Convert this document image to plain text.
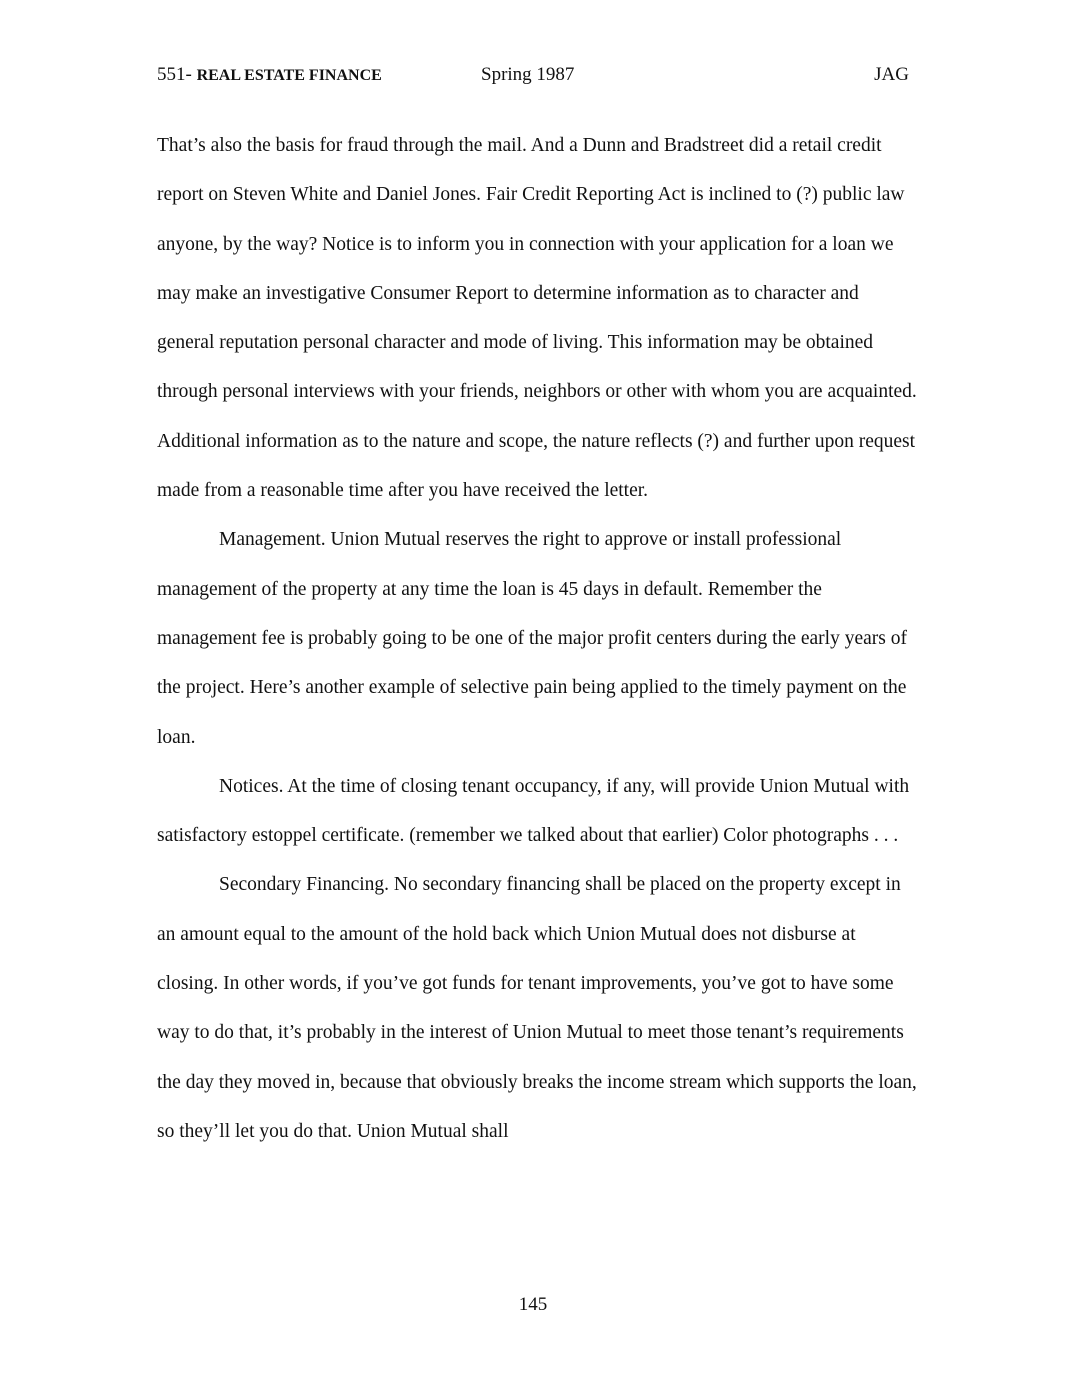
551- REAL ESTATE FINANCE	Spring 1987	JAG

That’s also the basis for fraud through the mail. And a Dunn and Bradstreet did a retail credit report on Steven White and Daniel Jones. Fair Credit Reporting Act is inclined to (?) public law anyone, by the way? Notice is to inform you in connection with your application for a loan we may make an investigative Consumer Report to determine information as to character and general reputation personal character and mode of living. This information may be obtained through personal interviews with your friends, neighbors or other with whom you are acquainted. Additional information as to the nature and scope, the nature reflects (?) and further upon request made from a reasonable time after you have received the letter.

Management. Union Mutual reserves the right to approve or install professional management of the property at any time the loan is 45 days in default. Remember the management fee is probably going to be one of the major profit centers during the early years of the project. Here’s another example of selective pain being applied to the timely payment on the loan.

Notices. At the time of closing tenant occupancy, if any, will provide Union Mutual with satisfactory estoppel certificate. (remember we talked about that earlier) Color photographs . . .

Secondary Financing. No secondary financing shall be placed on the property except in an amount equal to the amount of the hold back which Union Mutual does not disburse at closing. In other words, if you’ve got funds for tenant improvements, you’ve got to have some way to do that, it’s probably in the interest of Union Mutual to meet those tenant’s requirements the day they moved in, because that obviously breaks the income stream which supports the loan, so they’ll let you do that. Union Mutual shall

145
